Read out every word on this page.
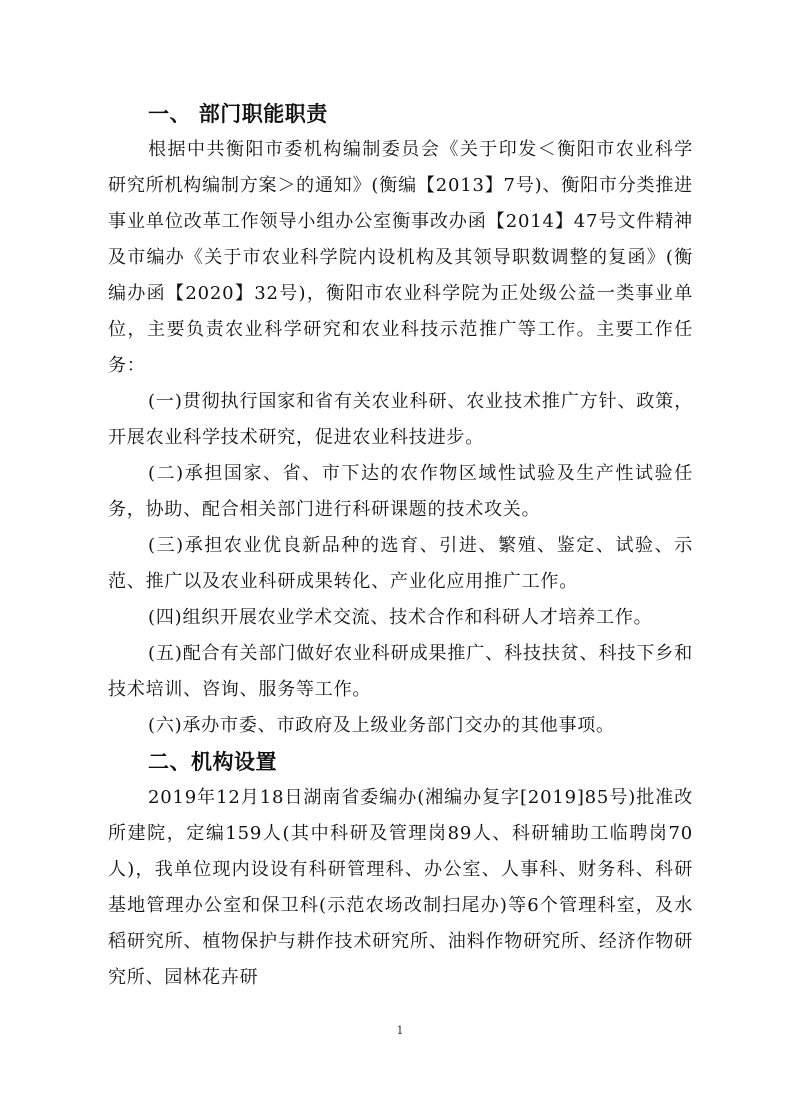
一、 部门职能职责

根据中共衡阳市委机构编制委员会《关于印发＜衡阳市农业科学研究所机构编制方案＞的通知》(衡编【2013】7号)、衡阳市分类推进事业单位改革工作领导小组办公室衡事改办函【2014】47号文件精神及市编办《关于市农业科学院内设机构及其领导职数调整的复函》(衡编办函【2020】32号)，衡阳市农业科学院为正处级公益一类事业单位，主要负责农业科学研究和农业科技示范推广等工作。主要工作任务：

(一)贯彻执行国家和省有关农业科研、农业技术推广方针、政策，开展农业科学技术研究，促进农业科技进步。

(二)承担国家、省、市下达的农作物区域性试验及生产性试验任务，协助、配合相关部门进行科研课题的技术攻关。

(三)承担农业优良新品种的选育、引进、繁殖、鉴定、试验、示范、推广以及农业科研成果转化、产业化应用推广工作。

(四)组织开展农业学术交流、技术合作和科研人才培养工作。

(五)配合有关部门做好农业科研成果推广、科技扶贫、科技下乡和技术培训、咨询、服务等工作。

(六)承办市委、市政府及上级业务部门交办的其他事项。

二、机构设置

2019年12月18日湖南省委编办(湘编办复字[2019]85号)批准改所建院，定编159人(其中科研及管理岗89人、科研辅助工临聘岗70人)，我单位现内设设有科研管理科、办公室、人事科、财务科、科研基地管理办公室和保卫科(示范农场改制扫尾办)等6个管理科室，及水稻研究所、植物保护与耕作技术研究所、油料作物研究所、经济作物研究所、园林花卉研

1
